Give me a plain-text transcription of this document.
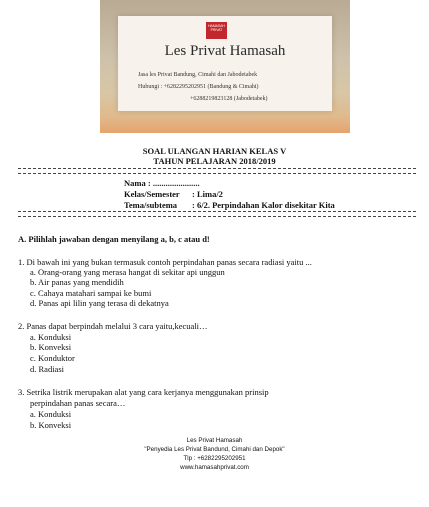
HAMASAH PRIVAT
Les Privat Hamasah
Jasa les Privat Bandung, Cimahi dan Jabodetabek
Hubungi : +6282295202951 (Bandung & Cimahi)
+6288219823128 (Jabodetabek)
SOAL ULANGAN HARIAN KELAS V
TAHUN PELAJARAN 2018/2019
Nama : ......................
Kelas/Semester : Lima/2
Tema/subtema : 6/2. Perpindahan Kalor disekitar Kita
A. Pilihlah jawaban dengan menyilang a, b, c atau d!
1. Di bawah ini yang bukan termasuk contoh perpindahan panas secara radiasi yaitu ...
a. Orang-orang yang merasa hangat di sekitar api unggun
b. Air panas yang mendidih
c. Cahaya matahari sampai ke bumi
d. Panas api lilin yang terasa di dekatnya
2. Panas dapat berpindah melalui 3 cara yaitu,kecuali…
a. Konduksi
b. Konveksi
c. Konduktor
d. Radiasi
3. Setrika listrik merupakan alat yang cara kerjanya menggunakan prinsip
perpindahan panas secara…
a. Konduksi
b. Konveksi
Les Privat Hamasah
"Penyedia Les Privat Bandund, Cimahi dan Depok"
Tlp : +6282295202951
www.hamasahprivat.com
